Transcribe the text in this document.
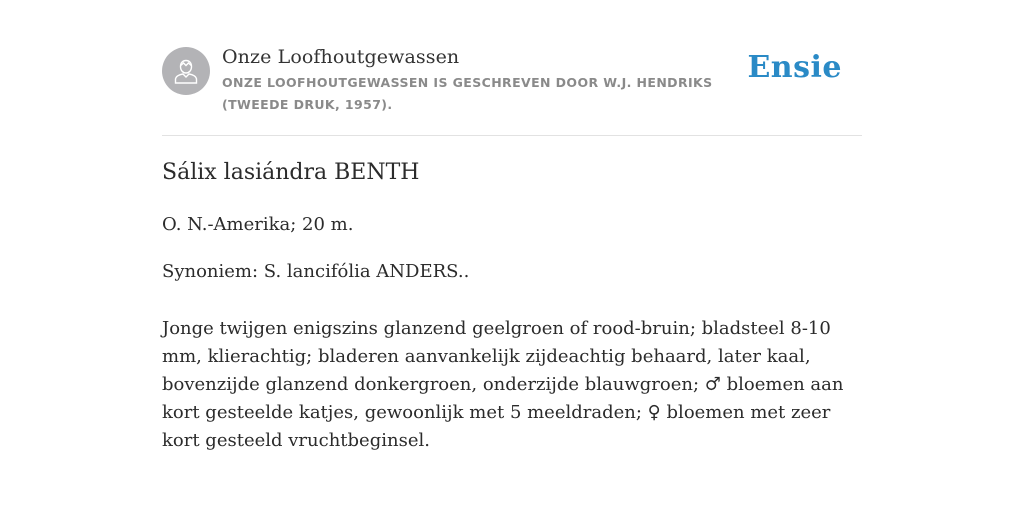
Onze Loofhoutgewassen
ONZE LOOFHOUTGEWASSEN IS GESCHREVEN DOOR W.J. HENDRIKS (TWEEDE DRUK, 1957).
Ensie
Sálix lasiándra BENTH
O. N.-Amerika; 20 m.
Synoniem: S. lancifólia ANDERS..

Jonge twijgen enigszins glanzend geelgroen of rood-bruin; bladsteel 8-10 mm, klierachtig; bladeren aanvankelijk zijdeachtig behaard, later kaal, bovenzijde glanzend donkergroen, onderzijde blauwgroen; ♂ bloemen aan kort gesteelde katjes, gewoonlijk met 5 meeldraden; ♀ bloemen met zeer kort gesteeld vruchtbeginsel.
